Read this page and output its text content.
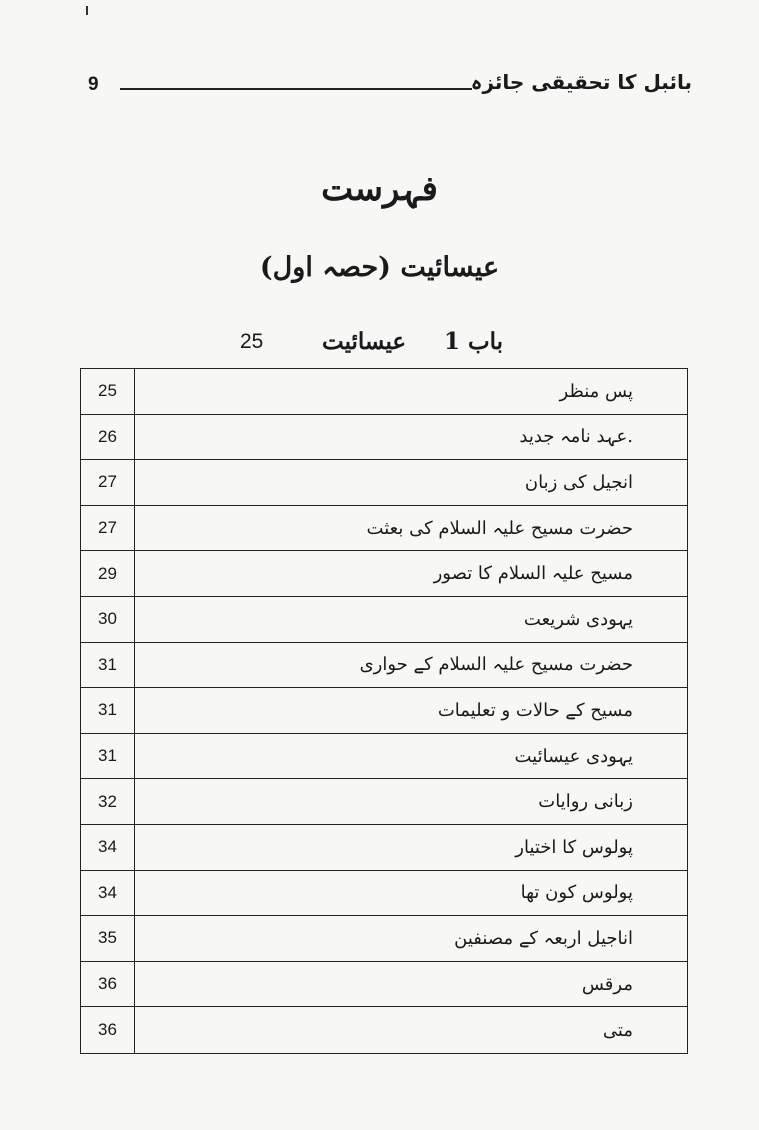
9	بائبل کا تحقیقی جائزہ
فہرست
عیسائیت (حصہ اول)
25	عیسائیت باب 1
25	پس منظر
26	.عہد نامہ جدید
27	انجیل کی زبان
27	حضرت مسیح علیہ السلام کی بعثت
29	مسیح علیہ السلام کا تصور
30	یہودی شریعت
31	حضرت مسیح علیہ السلام کے حواری
31	مسیح کے حالات و تعلیمات
31	یہودی عیسائیت
32	زبانی روایات
34	پولوس کا اختیار
34	پولوس کون تھا
35	اناجیل اربعہ کے مصنفین
36	مرقس
36	متی
